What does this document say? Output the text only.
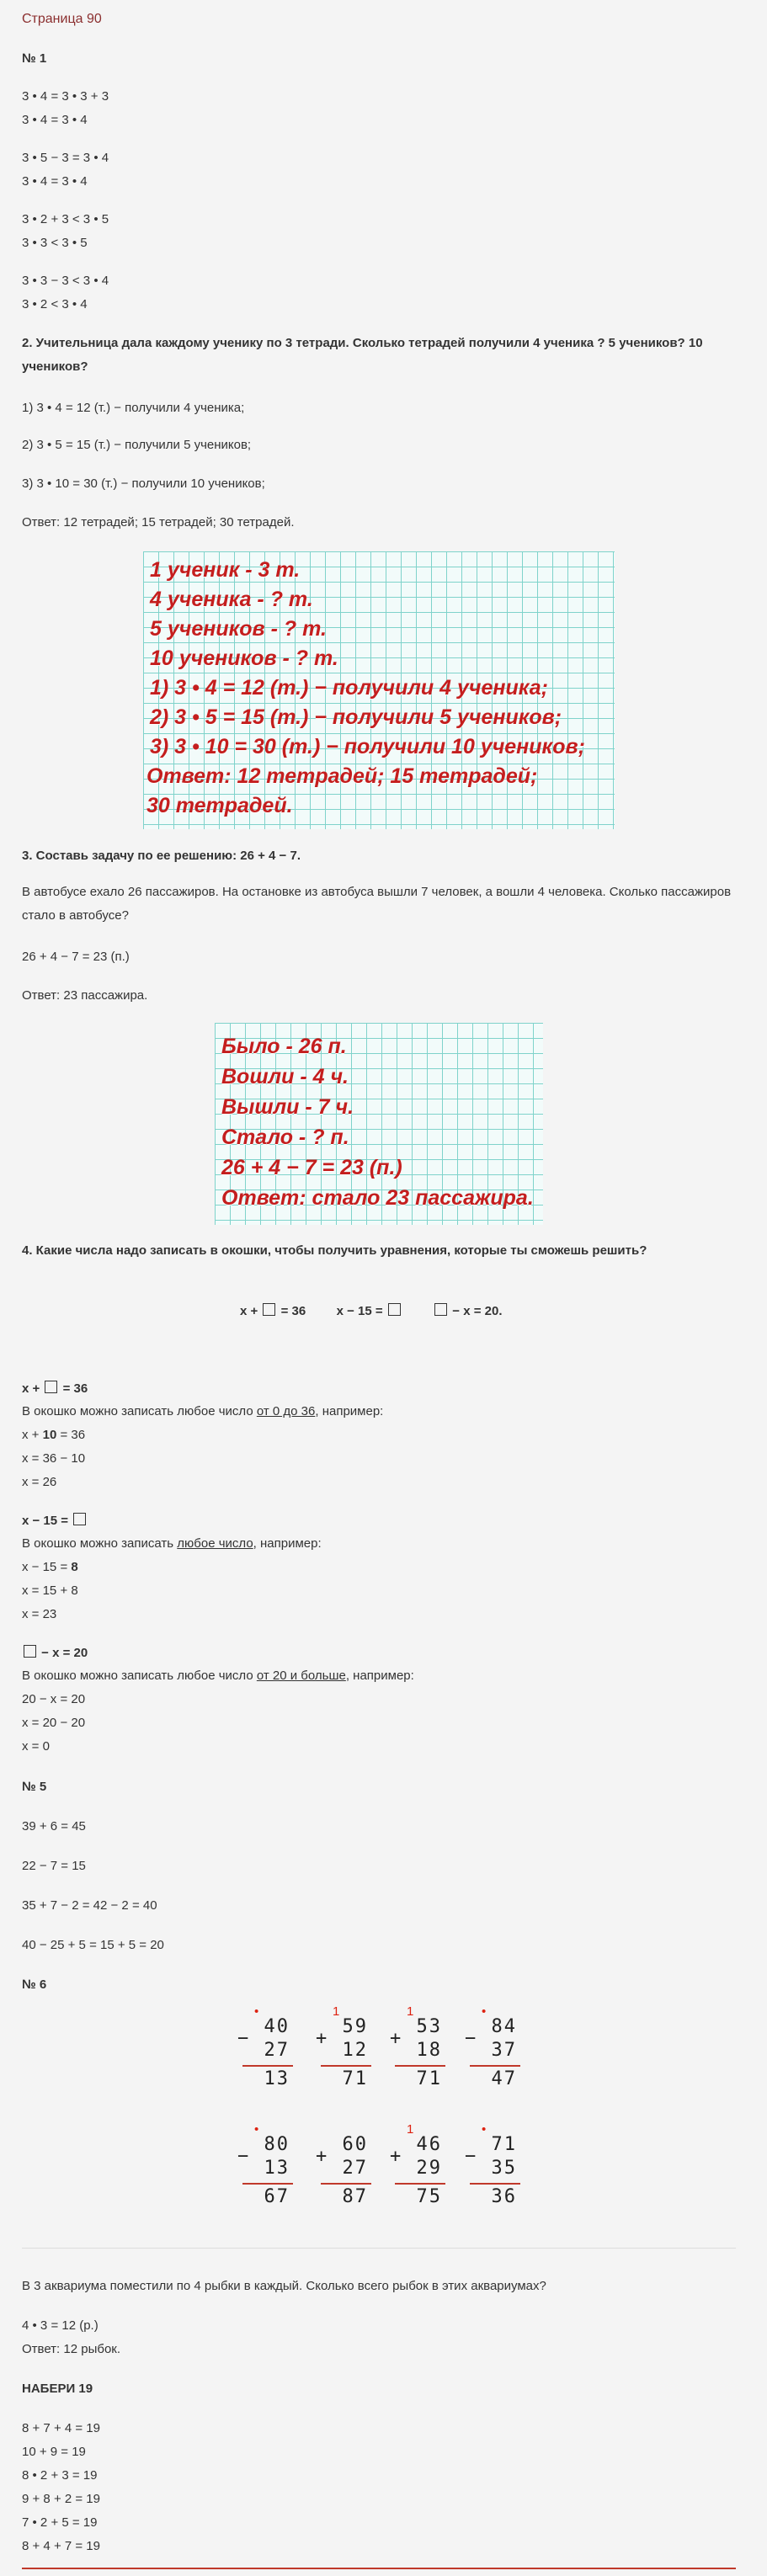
Страница 90
№ 1
3 • 4 = 3 • 3 + 3
3 • 4 = 3 • 4
3 • 5 − 3 = 3 • 4
3 • 4 = 3 • 4
3 • 2 + 3 < 3 • 5
3 • 3 < 3 • 5
3 • 3 − 3 < 3 • 4
3 • 2 < 3 • 4
2. Учительница дала каждому ученику по 3 тетради. Сколько тетрадей получили 4 ученика ? 5 учеников? 10 учеников?
1) 3 • 4 = 12 (т.) − получили 4 ученика;
2) 3 • 5 = 15 (т.) − получили 5 учеников;
3) 3 • 10 = 30 (т.) − получили 10 учеников;
Ответ: 12 тетрадей; 15 тетрадей; 30 тетрадей.
1 ученик - 3 т.
4 ученика - ? т.
5 учеников - ? т.
10 учеников - ? т.
1) 3 • 4 = 12 (т.) − получили 4 ученика;
2) 3 • 5 = 15 (т.) − получили 5 учеников;
3) 3 • 10 = 30 (т.) − получили 10 учеников;
Ответ: 12 тетрадей; 15 тетрадей;
30 тетрадей.
3. Составь задачу по ее решению: 26 + 4 − 7.
В автобусе ехало 26 пассажиров. На остановке из автобуса вышли 7 человек, а вошли 4 человека. Сколько пассажиров стало в автобусе?
26 + 4 − 7 = 23 (п.)
Ответ: 23 пассажира.
Было - 26 п.
Вошли - 4 ч.
Вышли - 7 ч.
Стало - ? п.
26 + 4 − 7 = 23 (п.)
Ответ: стало 23 пассажира.
4. Какие числа надо записать в окошки, чтобы получить уравнения, которые ты сможешь решить?
x +  = 36 x − 15 =	− x = 20.
x +  = 36
В окошко можно записать любое число от 0 до 36, например:
x + 10 = 36
x = 36 − 10
x = 26
x − 15 =
В окошко можно записать любое число, например:
x − 15 = 8
x = 15 + 8
x = 23
− x = 20
В окошко можно записать любое число от 20 и больше, например:
20 − x = 20
x = 20 − 20
x = 0
№ 5
39 + 6 = 45
22 − 7 = 15
35 + 7 − 2 = 42 − 2 = 40
40 − 25 + 5 = 15 + 5 = 20
№ 6
•
−
40
27
13
1
+
59
12
71
1
+
53
18
71
•
−
84
37
47
•
−
80
13
67
+
60
27
87
1
+
46
29
75
•
−
71
35
36
В 3 аквариума поместили по 4 рыбки в каждый. Сколько всего рыбок в этих аквариумах?
4 • 3 = 12 (р.)
Ответ: 12 рыбок.
НАБЕРИ 19
8 + 7 + 4 = 19
10 + 9 = 19
8 • 2 + 3 = 19
9 + 8 + 2 = 19
7 • 2 + 5 = 19
8 + 4 + 7 = 19
